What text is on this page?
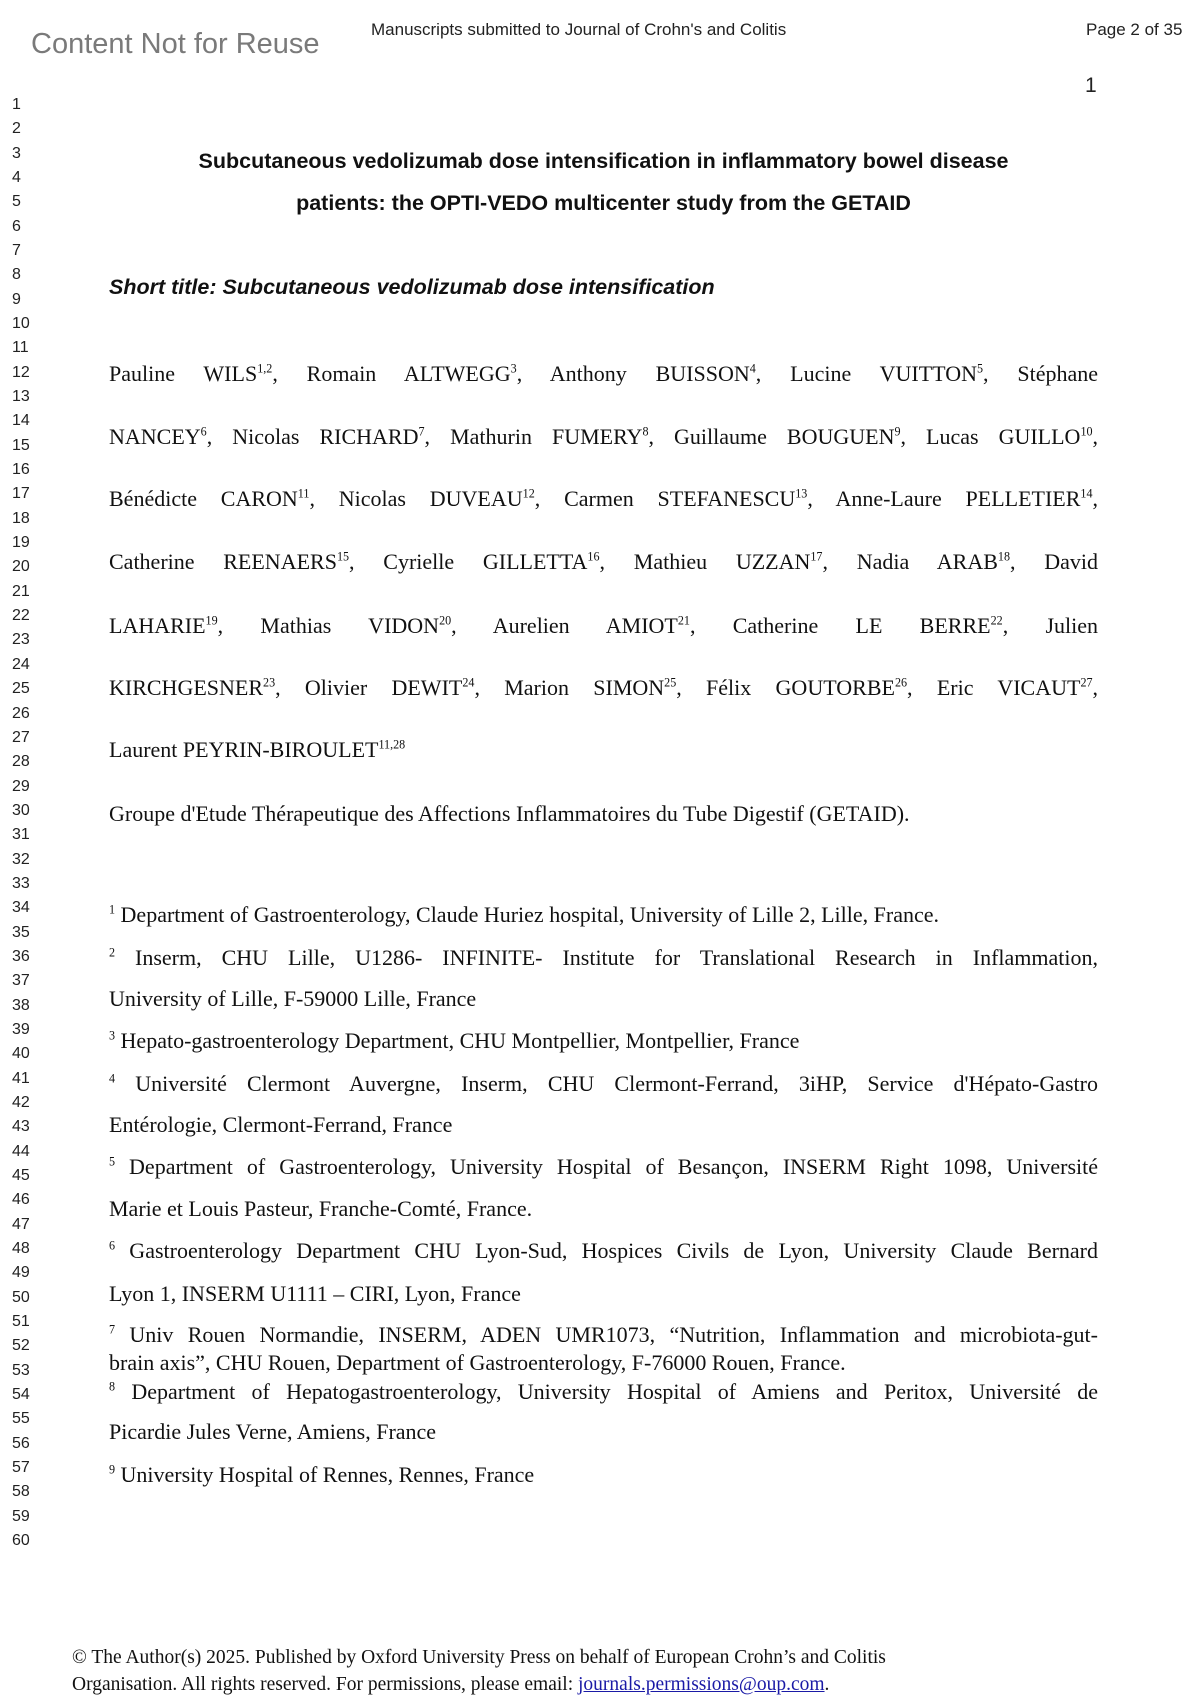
Content Not for Reuse	Manuscripts submitted to Journal of Crohn's and Colitis	Page 2 of 35
1
1
2
3
4
5
6
7
8
9
10
11
12
13
14
15
16
17
18
19
20
21
22
23
24
25
26
27
28
29
30
31
32
33
34
35
36
37
38
39
40
41
42
43
44
45
46
47
48
49
50
51
52
53
54
55
56
57
58
59
60
Subcutaneous vedolizumab dose intensification in inflammatory bowel disease
patients: the OPTI-VEDO multicenter study from the GETAID
Short title: Subcutaneous vedolizumab dose intensification
Pauline WILS$^{1,2}$, Romain ALTWEGG$^3$, Anthony BUISSON$^4$, Lucine VUITTON$^5$, Stéphane
NANCEY$^6$, Nicolas RICHARD$^7$, Mathurin FUMERY$^8$, Guillaume BOUGUEN$^9$, Lucas GUILLO$^{10}$,
Bénédicte CARON$^{11}$, Nicolas DUVEAU$^{12}$, Carmen STEFANESCU$^{13}$, Anne-Laure PELLETIER$^{14}$,
Catherine REENAERS$^{15}$, Cyrielle GILLETTA$^{16}$, Mathieu UZZAN$^{17}$, Nadia ARAB$^{18}$, David
LAHARIE$^{19}$, Mathias VIDON$^{20}$, Aurelien AMIOT$^{21}$, Catherine LE BERRE$^{22}$, Julien
KIRCHGESNER$^{23}$, Olivier DEWIT$^{24}$, Marion SIMON$^{25}$, Félix GOUTORBE$^{26}$, Eric VICAUT$^{27}$,
Laurent PEYRIN-BIROULET$^{11,28}$
Groupe d'Etude Thérapeutique des Affections Inflammatoires du Tube Digestif (GETAID).
$^1$ Department of Gastroenterology, Claude Huriez hospital, University of Lille 2, Lille, France.
$^2$ Inserm, CHU Lille, U1286- INFINITE- Institute for Translational Research in Inflammation,
University of Lille, F-59000 Lille, France
$^3$ Hepato-gastroenterology Department, CHU Montpellier, Montpellier, France
$^4$ Université Clermont Auvergne, Inserm, CHU Clermont-Ferrand, 3iHP, Service d'Hépato-Gastro
Entérologie, Clermont-Ferrand, France
$^5$ Department of Gastroenterology, University Hospital of Besançon, INSERM Right 1098, Université
Marie et Louis Pasteur, Franche-Comté, France.
$^6$ Gastroenterology Department CHU Lyon-Sud, Hospices Civils de Lyon, University Claude Bernard
Lyon 1, INSERM U1111 – CIRI, Lyon, France
$^7$ Univ Rouen Normandie, INSERM, ADEN UMR1073, “Nutrition, Inflammation and microbiota-gut-
brain axis”, CHU Rouen, Department of Gastroenterology, F-76000 Rouen, France.
$^8$ Department of Hepatogastroenterology, University Hospital of Amiens and Peritox, Université de
Picardie Jules Verne, Amiens, France
$^9$ University Hospital of Rennes, Rennes, France
© The Author(s) 2025. Published by Oxford University Press on behalf of European Crohn’s and Colitis
Organisation. All rights reserved. For permissions, please email: journals.permissions@oup.com.
